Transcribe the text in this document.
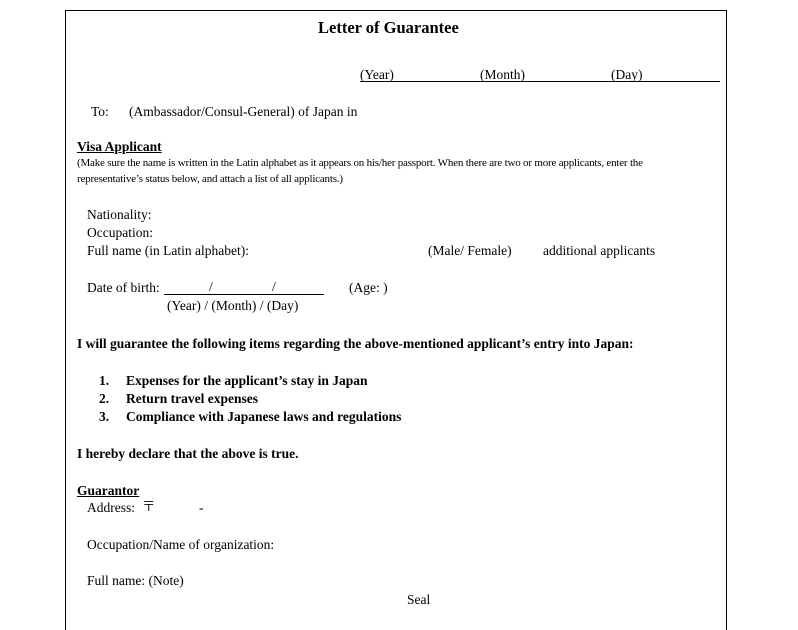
Letter of Guarantee
(Year)	(Month)	(Day)
To: (Ambassador/Consul-General) of Japan in
Visa Applicant
(Make sure the name is written in the Latin alphabet as it appears on his/her passport. When there are two or more applicants, enter the
representative’s status below, and attach a list of all applicants.)
Nationality:
Occupation:
Full name (in Latin alphabet):	(Male/ Female) additional applicants
Date of birth:	/	/	(Age: )
(Year) / (Month) / (Day)
I will guarantee the following items regarding the above-mentioned applicant’s entry into Japan:
1. Expenses for the applicant’s stay in Japan
2. Return travel expenses
3. Compliance with Japanese laws and regulations
I hereby declare that the above is true.
Guarantor
Address: 〒	-
Occupation/Name of organization:
Full name: (Note)
Seal
